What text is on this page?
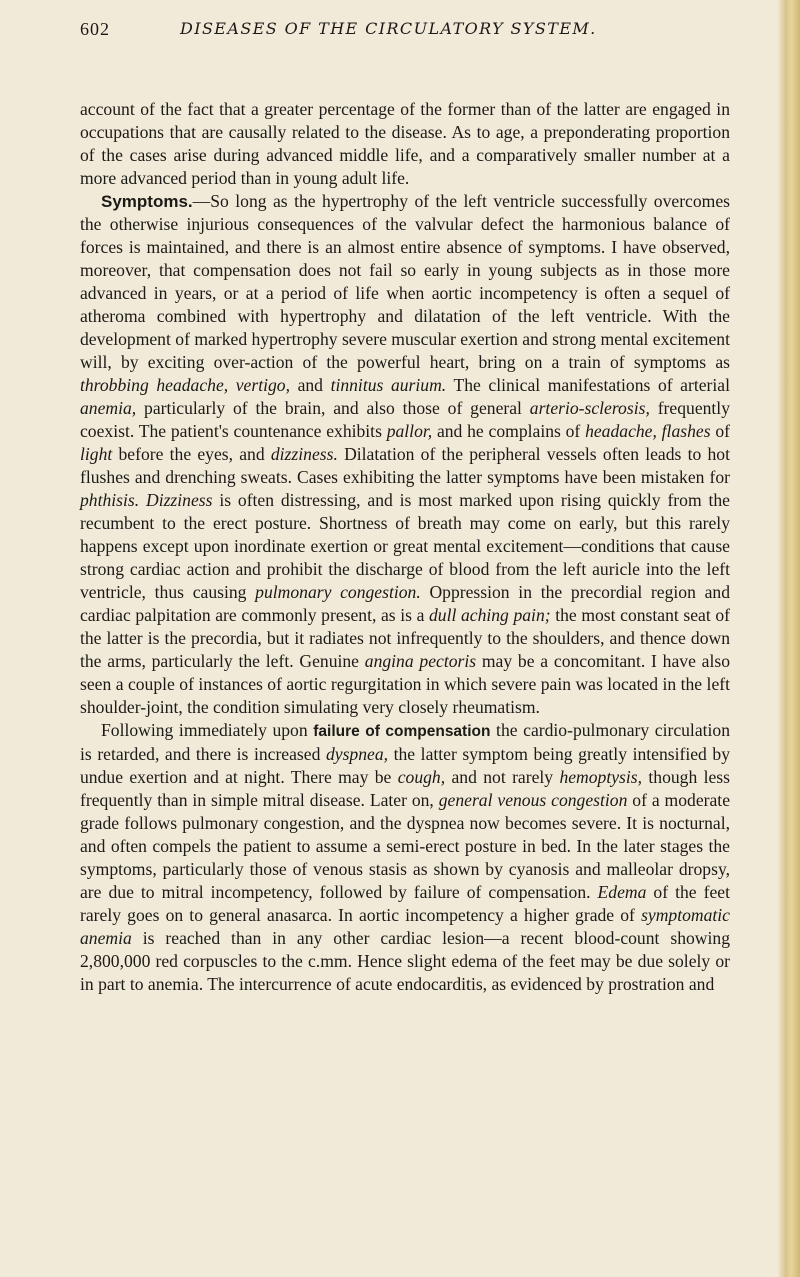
602	DISEASES OF THE CIRCULATORY SYSTEM.

account of the fact that a greater percentage of the former than of the latter are engaged in occupations that are causally related to the disease. As to age, a preponderating proportion of the cases arise during advanced middle life, and a comparatively smaller number at a more advanced period than in young adult life.

Symptoms.—So long as the hypertrophy of the left ventricle successfully overcomes the otherwise injurious consequences of the valvular defect the harmonious balance of forces is maintained, and there is an almost entire absence of symptoms. I have observed, moreover, that compensation does not fail so early in young subjects as in those more advanced in years, or at a period of life when aortic incompetency is often a sequel of atheroma combined with hypertrophy and dilatation of the left ventricle. With the development of marked hypertrophy severe muscular exertion and strong mental excitement will, by exciting over-action of the powerful heart, bring on a train of symptoms as throbbing headache, vertigo, and tinnitus aurium. The clinical manifestations of arterial anemia, particularly of the brain, and also those of general arterio-sclerosis, frequently coexist. The patient's countenance exhibits pallor, and he complains of headache, flashes of light before the eyes, and dizziness. Dilatation of the peripheral vessels often leads to hot flushes and drenching sweats. Cases exhibiting the latter symptoms have been mistaken for phthisis. Dizziness is often distressing, and is most marked upon rising quickly from the recumbent to the erect posture. Shortness of breath may come on early, but this rarely happens except upon inordinate exertion or great mental excitement—conditions that cause strong cardiac action and prohibit the discharge of blood from the left auricle into the left ventricle, thus causing pulmonary congestion. Oppression in the precordial region and cardiac palpitation are commonly present, as is a dull aching pain; the most constant seat of the latter is the precordia, but it radiates not infrequently to the shoulders, and thence down the arms, particularly the left. Genuine angina pectoris may be a concomitant. I have also seen a couple of instances of aortic regurgitation in which severe pain was located in the left shoulder-joint, the condition simulating very closely rheumatism.

Following immediately upon failure of compensation the cardio-pulmonary circulation is retarded, and there is increased dyspnea, the latter symptom being greatly intensified by undue exertion and at night. There may be cough, and not rarely hemoptysis, though less frequently than in simple mitral disease. Later on, general venous congestion of a moderate grade follows pulmonary congestion, and the dyspnea now becomes severe. It is nocturnal, and often compels the patient to assume a semi-erect posture in bed. In the later stages the symptoms, particularly those of venous stasis as shown by cyanosis and malleolar dropsy, are due to mitral incompetency, followed by failure of compensation. Edema of the feet rarely goes on to general anasarca. In aortic incompetency a higher grade of symptomatic anemia is reached than in any other cardiac lesion—a recent blood-count showing 2,800,000 red corpuscles to the c.mm. Hence slight edema of the feet may be due solely or in part to anemia. The intercurrence of acute endocarditis, as evidenced by prostration and
